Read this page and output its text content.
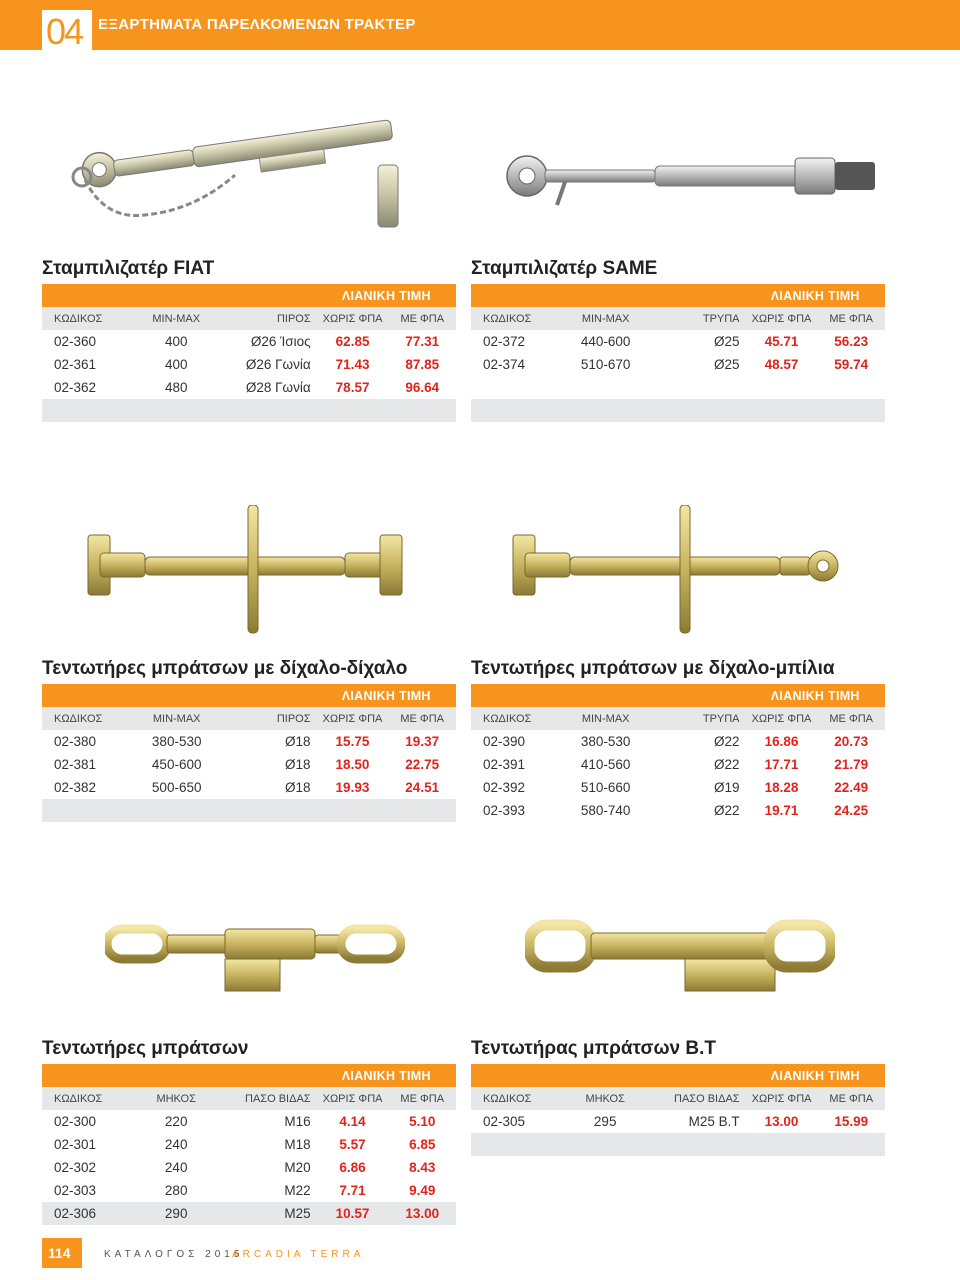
04 ΕΞΑΡΤΗΜΑΤΑ ΠΑΡΕΛΚΟΜΕΝΩΝ ΤΡΑΚΤΕΡ
Σταμπιλιζατέρ FIAT
			ΛΙΑΝΙΚΗ ΤΙΜΗ	
ΚΩΔΙΚΟΣ	MIN-MAX	ΠΙΡΟΣ	ΧΩΡΙΣ ΦΠΑ	ΜΕ ΦΠΑ
02-360	400	Ø26 Ίσιος	62.85	77.31
02-361	400	Ø26 Γωνία	71.43	87.85
02-362	480	Ø28 Γωνία	78.57	96.64

Σταμπιλιζατέρ SAME
			ΛΙΑΝΙΚΗ ΤΙΜΗ	
ΚΩΔΙΚΟΣ	MIN-MAX	ΤΡΥΠΑ	ΧΩΡΙΣ ΦΠΑ	ΜΕ ΦΠΑ
02-372	440-600	Ø25	45.71	56.23
02-374	510-670	Ø25	48.57	59.74

Τεντωτήρες μπράτσων με δίχαλο-δίχαλο
			ΛΙΑΝΙΚΗ ΤΙΜΗ	
ΚΩΔΙΚΟΣ	MIN-MAX	ΠΙΡΟΣ	ΧΩΡΙΣ ΦΠΑ	ΜΕ ΦΠΑ
02-380	380-530	Ø18	15.75	19.37
02-381	450-600	Ø18	18.50	22.75
02-382	500-650	Ø18	19.93	24.51

Τεντωτήρες μπράτσων με δίχαλο-μπίλια
			ΛΙΑΝΙΚΗ ΤΙΜΗ	
ΚΩΔΙΚΟΣ	MIN-MAX	ΤΡΥΠΑ	ΧΩΡΙΣ ΦΠΑ	ΜΕ ΦΠΑ
02-390	380-530	Ø22	16.86	20.73
02-391	410-560	Ø22	17.71	21.79
02-392	510-660	Ø19	18.28	22.49
02-393	580-740	Ø22	19.71	24.25
Τεντωτήρες μπράτσων
			ΛΙΑΝΙΚΗ ΤΙΜΗ	
ΚΩΔΙΚΟΣ	ΜΗΚΟΣ	ΠΑΣΟ ΒΙΔΑΣ	ΧΩΡΙΣ ΦΠΑ	ΜΕ ΦΠΑ
02-300	220	M16	4.14	5.10
02-301	240	M18	5.57	6.85
02-302	240	M20	6.86	8.43
02-303	280	M22	7.71	9.49
02-306	290	M25	10.57	13.00
Τεντωτήρας μπράτσων Β.Τ
			ΛΙΑΝΙΚΗ ΤΙΜΗ	
ΚΩΔΙΚΟΣ	ΜΗΚΟΣ	ΠΑΣΟ ΒΙΔΑΣ	ΧΩΡΙΣ ΦΠΑ	ΜΕ ΦΠΑ
02-305	295	M25 B.T	13.00	15.99

114	ΚΑΤΑΛΟΓΟΣ 2015
ARCADIA TERRA
